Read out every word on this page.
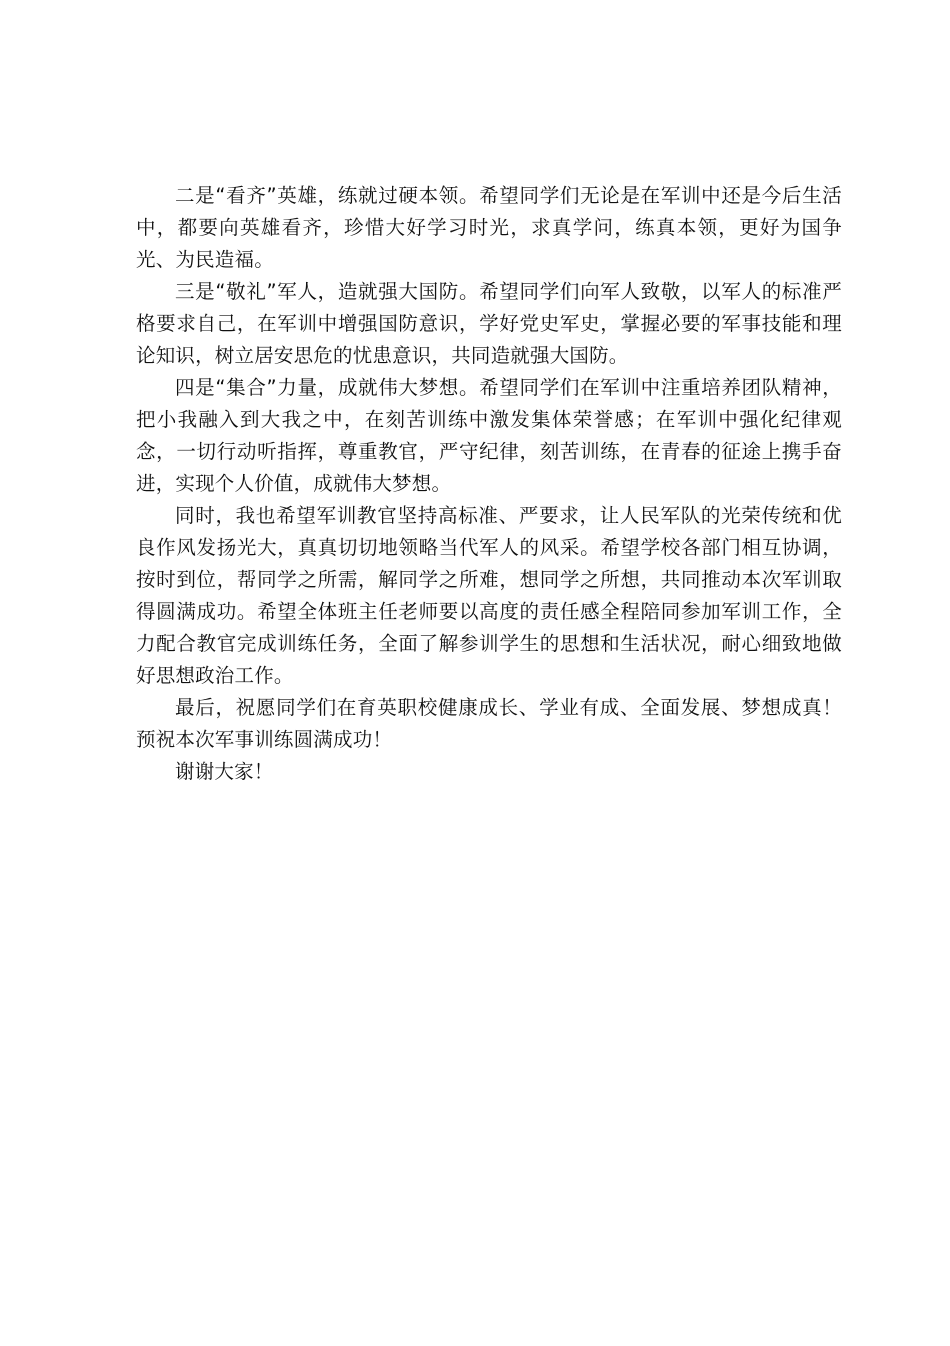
二是“看齐”英雄，练就过硬本领。希望同学们无论是在军训中还是今后生活中，都要向英雄看齐，珍惜大好学习时光，求真学问，练真本领，更好为国争光、为民造福。

三是“敬礼”军人，造就强大国防。希望同学们向军人致敬，以军人的标准严格要求自己，在军训中增强国防意识，学好党史军史，掌握必要的军事技能和理论知识，树立居安思危的忧患意识，共同造就强大国防。

四是“集合”力量，成就伟大梦想。希望同学们在军训中注重培养团队精神，把小我融入到大我之中，在刻苦训练中激发集体荣誉感；在军训中强化纪律观念，一切行动听指挥，尊重教官，严守纪律，刻苦训练，在青春的征途上携手奋进，实现个人价值，成就伟大梦想。

同时，我也希望军训教官坚持高标准、严要求，让人民军队的光荣传统和优良作风发扬光大，真真切切地领略当代军人的风采。希望学校各部门相互协调，按时到位，帮同学之所需，解同学之所难，想同学之所想，共同推动本次军训取得圆满成功。希望全体班主任老师要以高度的责任感全程陪同参加军训工作，全力配合教官完成训练任务，全面了解参训学生的思想和生活状况，耐心细致地做好思想政治工作。

最后，祝愿同学们在育英职校健康成长、学业有成、全面发展、梦想成真！预祝本次军事训练圆满成功！

谢谢大家！
